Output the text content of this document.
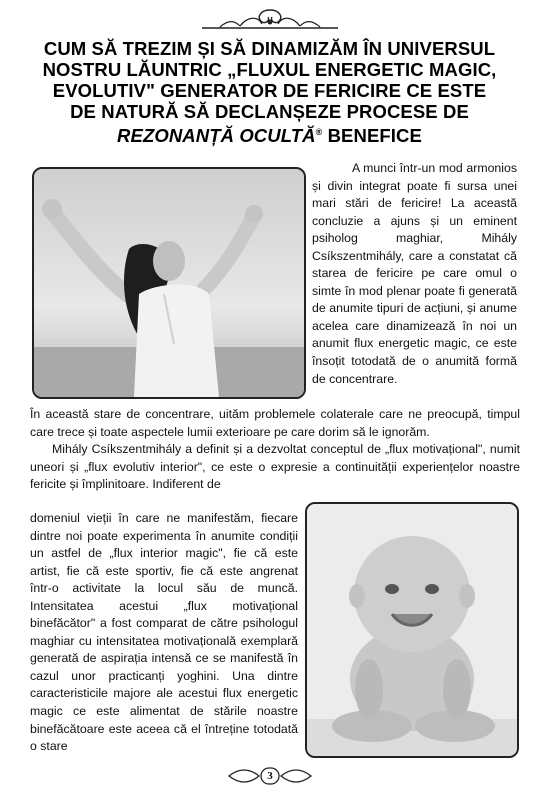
CUM SĂ TREZIM ȘI SĂ DINAMIZĂM ÎN UNIVERSUL
NOSTRU LĂUNTRIC „FLUXUL ENERGETIC MAGIC,
EVOLUTIV" GENERATOR DE FERICIRE CE ESTE
DE NATURĂ SĂ DECLANȘEZE PROCESE DE
REZONANȚĂ OCULTĂ® BENEFICE

A munci într-un mod armonios și divin integrat poate fi sursa unei mari stări de fericire! La această concluzie a ajuns și un eminent psiholog maghiar, Mihály Csíkszentmihály, care a constatat că starea de fericire pe care omul o simte în mod plenar poate fi generată de anumite tipuri de acțiuni, și anume acelea care dinamizează în noi un anumit flux energetic magic, ce este însoțit totodată de o anumită formă de concentrare.

În această stare de concentrare, uităm problemele colaterale care ne preocupă, timpul care trece și toate aspectele lumii exterioare pe care dorim să le ignorăm.

Mihály Csíkszentmihály a definit și a dezvoltat conceptul de „flux motivațional", numit uneori și „flux evolutiv interior", ce este o expresie a continuității experiențelor noastre fericite și împlinitoare. Indiferent de

domeniul vieții în care ne manifestăm, fiecare dintre noi poate experimenta în anumite condiții un astfel de „flux interior magic", fie că este artist, fie că este sportiv, fie că este angrenat într-o activitate la locul său de muncă. Intensitatea acestui „flux motivațional binefăcător" a fost comparat de către psihologul maghiar cu intensitatea motivațională exemplară generată de aspirația intensă ce se manifestă în cazul unor practicanți yoghini. Una dintre caracteristicile majore ale acestui flux energetic magic ce este alimentat de stările noastre binefăcătoare este aceea că el întreține totodată o stare

3
